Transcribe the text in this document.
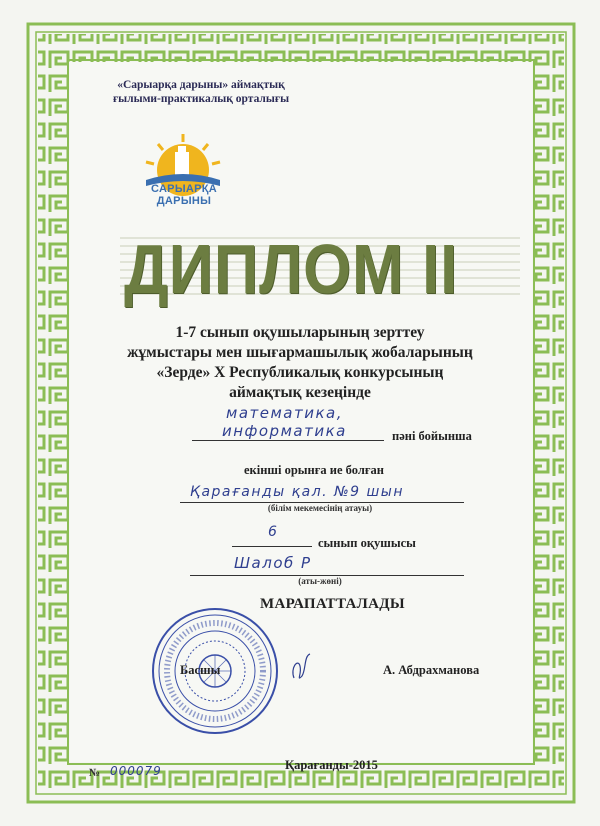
«Сарыарқа дарыны» аймақтық
ғылыми-практикалық орталығы
САРЫАРҚА ДАРЫНЫ
ДИПЛОМ II
1-7 сынып оқушыларының зерттеу
жұмыстары мен шығармашылық жобаларының
«Зерде» Х Республикалық конкурсының
аймақтық кезеңінде
математика,
информатика	пәні бойынша
екінші орынға ие болған
Қарағанды қал. №9 шын
(білім мекемесінің атауы)
6
сынып оқушысы
Шалоб Р
(аты-жөні)
МАРАПАТТАЛАДЫ
Басшы	А. Абдрахманова
Қарағанды-2015
№ 000079
